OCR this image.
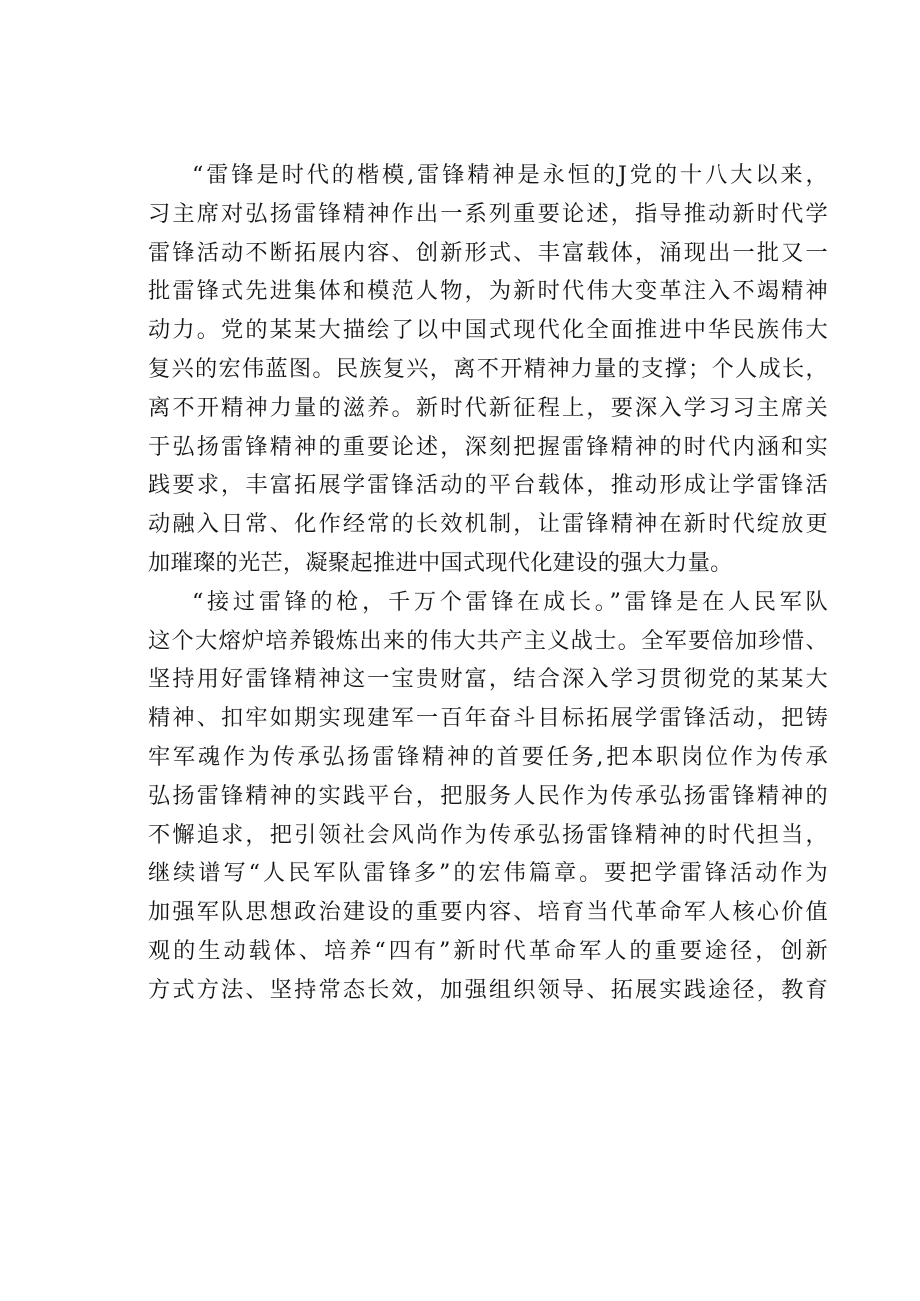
“雷锋是时代的楷模,雷锋精神是永恒的J党的十八大以来，
习主席对弘扬雷锋精神作出一系列重要论述，指导推动新时代学
雷锋活动不断拓展内容、创新形式、丰富载体，涌现出一批又一
批雷锋式先进集体和模范人物，为新时代伟大变革注入不竭精神
动力。党的某某大描绘了以中国式现代化全面推进中华民族伟大
复兴的宏伟蓝图。民族复兴，离不开精神力量的支撑；个人成长，
离不开精神力量的滋养。新时代新征程上，要深入学习习主席关
于弘扬雷锋精神的重要论述，深刻把握雷锋精神的时代内涵和实
践要求，丰富拓展学雷锋活动的平台载体，推动形成让学雷锋活
动融入日常、化作经常的长效机制，让雷锋精神在新时代绽放更
加璀璨的光芒，凝聚起推进中国式现代化建设的强大力量。
“接过雷锋的枪，千万个雷锋在成长。”雷锋是在人民军队
这个大熔炉培养锻炼出来的伟大共产主义战士。全军要倍加珍惜、
坚持用好雷锋精神这一宝贵财富，结合深入学习贯彻党的某某大
精神、扣牢如期实现建军一百年奋斗目标拓展学雷锋活动，把铸
牢军魂作为传承弘扬雷锋精神的首要任务,把本职岗位作为传承
弘扬雷锋精神的实践平台，把服务人民作为传承弘扬雷锋精神的
不懈追求，把引领社会风尚作为传承弘扬雷锋精神的时代担当，
继续谱写“人民军队雷锋多”的宏伟篇章。要把学雷锋活动作为
加强军队思想政治建设的重要内容、培育当代革命军人核心价值
观的生动载体、培养“四有”新时代革命军人的重要途径，创新
方式方法、坚持常态长效，加强组织领导、拓展实践途径，教育
